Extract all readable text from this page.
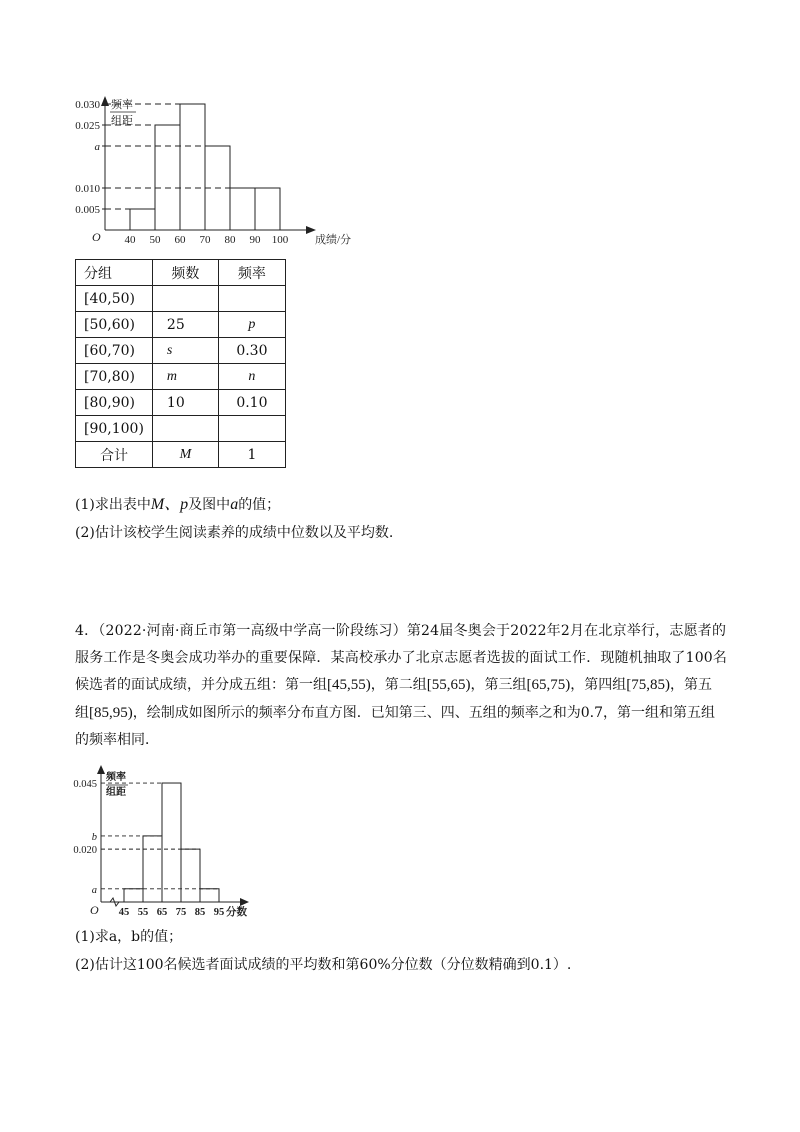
频率
组距
O
0.030
0.025
a
0.010
0.005
40 50 60 70 80 90 100 成绩/分
分组	频数	频率
[40,50)		
[50,60)	25	p
[60,70)	s	0.30
[70,80)	m	n
[80,90)	10	0.10
[90,100)		
合计	M	1
(1)求出表中M、p及图中a的值；
(2)估计该校学生阅读素养的成绩中位数以及平均数.
4．（2022·河南·商丘市第一高级中学高一阶段练习）第24届冬奥会于2022年2月在北京举行，志愿者的
服务工作是冬奥会成功举办的重要保障．某高校承办了北京志愿者选拔的面试工作．现随机抽取了100名
候选者的面试成绩，并分成五组：第一组[45,55)，第二组[55,65)，第三组[65,75)，第四组[75,85)，第五
组[85,95)，绘制成如图所示的频率分布直方图．已知第三、四、五组的频率之和为0.7，第一组和第五组
的频率相同．
频率
组距
O
0.045
b
0.020
a
45 55 65 75 85 95 分数
(1)求a，b的值；
(2)估计这100名候选者面试成绩的平均数和第60%分位数（分位数精确到0.1）.
